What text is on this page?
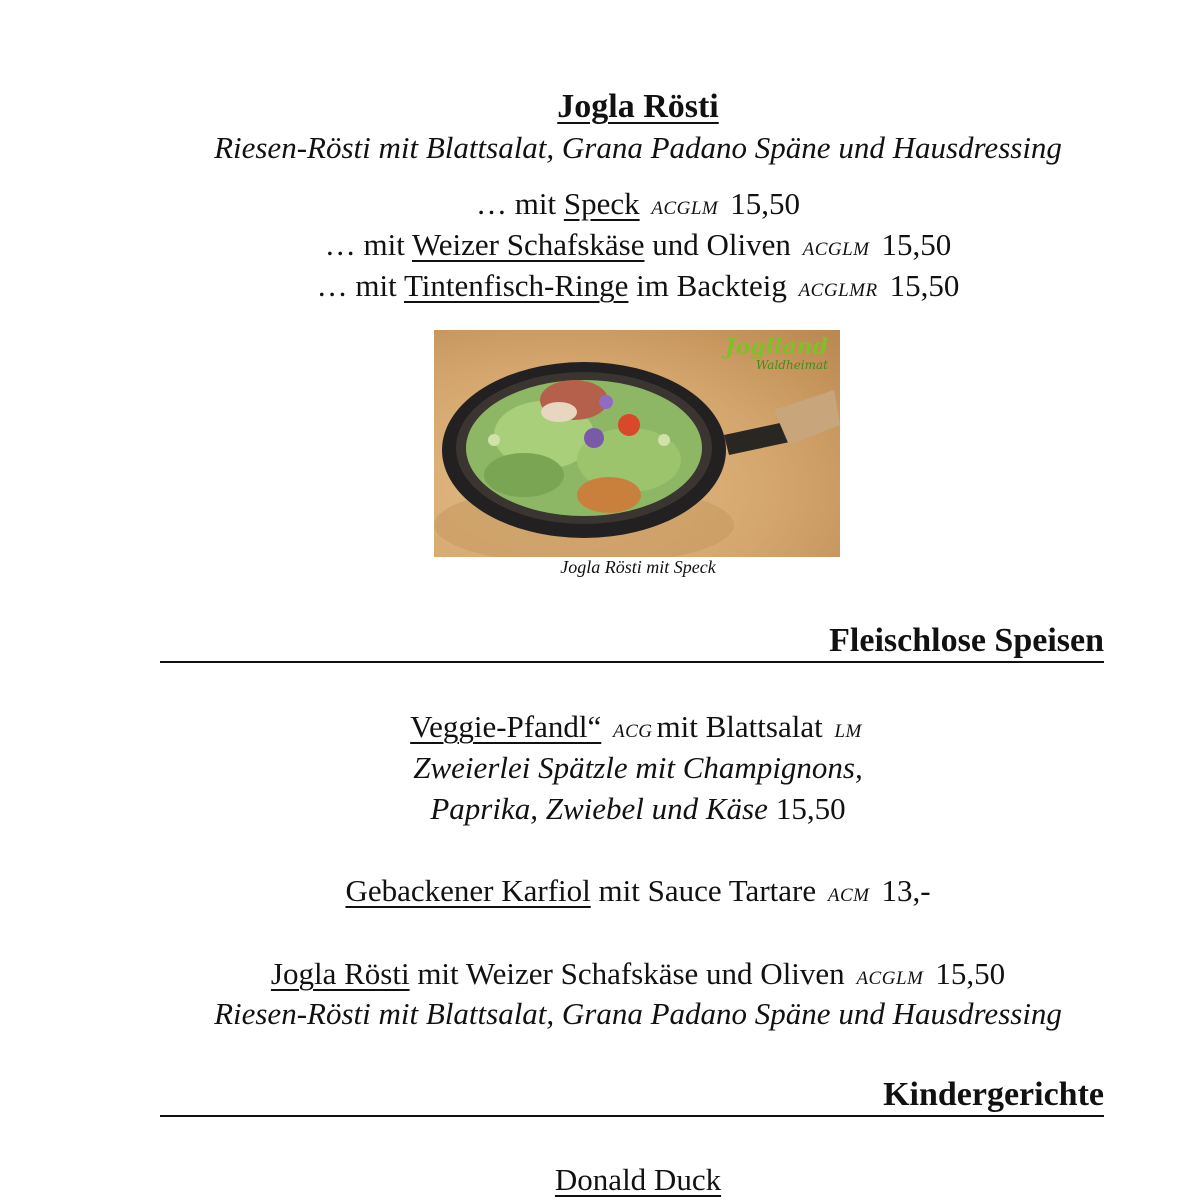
Jogla Rösti
Riesen-Rösti mit Blattsalat, Grana Padano Späne und Hausdressing
… mit Speck ACGLM 15,50
… mit Weizer Schafskäse und Oliven ACGLM 15,50
… mit Tintenfisch-Ringe im Backteig ACGLMR 15,50
Joglland
Waldheimat
Jogla Rösti mit Speck
Fleischlose Speisen
Veggie-Pfandl“ ACG mit Blattsalat LM
Zweierlei Spätzle mit Champignons,
Paprika, Zwiebel und Käse 15,50
Gebackener Karfiol mit Sauce Tartare ACM 13,-
Jogla Rösti mit Weizer Schafskäse und Oliven ACGLM 15,50
Riesen-Rösti mit Blattsalat, Grana Padano Späne und Hausdressing
Kindergerichte
Donald Duck
